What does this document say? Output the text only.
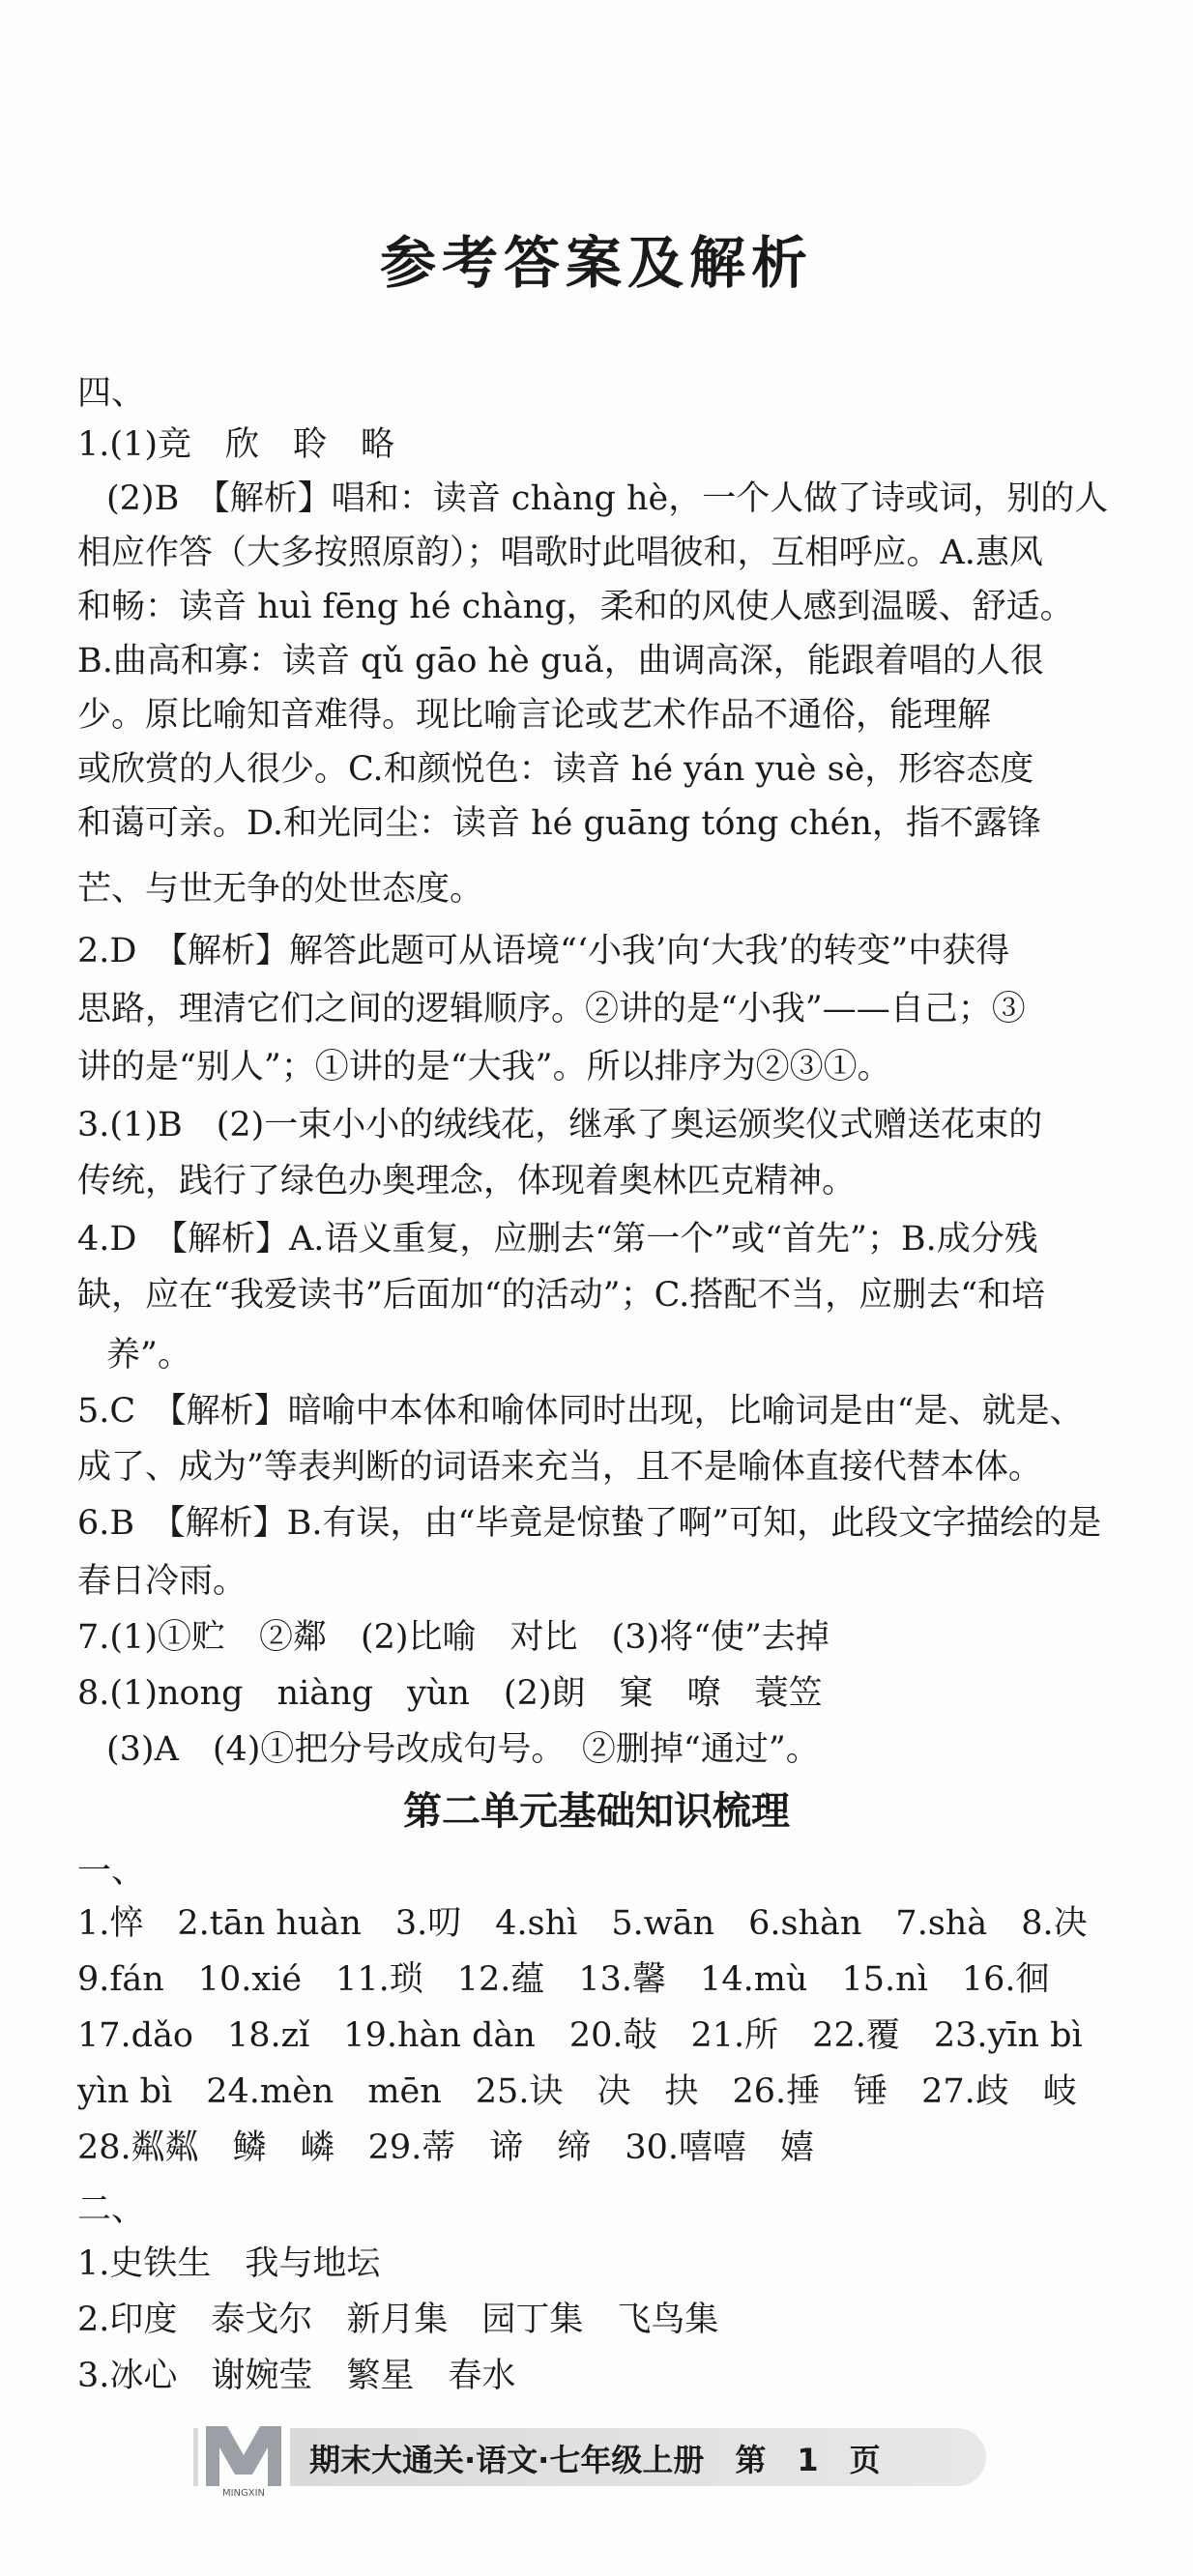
参考答案及解析
四、
1.(1)竞　欣　聆　略
(2)B　【解析】唱和：读音 chàng hè，一个人做了诗或词，别的人
相应作答（大多按照原韵）；唱歌时此唱彼和，互相呼应。A.惠风
和畅：读音 huì fēng hé chàng，柔和的风使人感到温暖、舒适。
B.曲高和寡：读音 qǔ gāo hè guǎ，曲调高深，能跟着唱的人很
少。原比喻知音难得。现比喻言论或艺术作品不通俗，能理解
或欣赏的人很少。C.和颜悦色：读音 hé yán yuè sè，形容态度
和蔼可亲。D.和光同尘：读音 hé guāng tóng chén，指不露锋
芒、与世无争的处世态度。
2.D　【解析】解答此题可从语境“‘小我’向‘大我’的转变”中获得
思路，理清它们之间的逻辑顺序。②讲的是“小我”——自己；③
讲的是“别人”；①讲的是“大我”。所以排序为②③①。
3.(1)B　(2)一束小小的绒线花，继承了奥运颁奖仪式赠送花束的
传统，践行了绿色办奥理念，体现着奥林匹克精神。
4.D　【解析】A.语义重复，应删去“第一个”或“首先”；B.成分残
缺，应在“我爱读书”后面加“的活动”；C.搭配不当，应删去“和培
养”。
5.C　【解析】暗喻中本体和喻体同时出现，比喻词是由“是、就是、
成了、成为”等表判断的词语来充当，且不是喻体直接代替本体。
6.B　【解析】B.有误，由“毕竟是惊蛰了啊”可知，此段文字描绘的是
春日冷雨。
7.(1)①贮　②鄰　(2)比喻　对比　(3)将“使”去掉
8.(1)nong　niàng　yùn　(2)朗　窠　嘹　蓑笠
(3)A　(4)①把分号改成句号。　②删掉“通过”。
第二单元基础知识梳理
一、
1.悴　2.tān huàn　3.叨　4.shì　5.wān　6.shàn　7.shà　8.决
9.fán　10.xié　11.琐　12.蕴　13.馨　14.mù　15.nì　16.徊
17.dǎo　18.zǐ　19.hàn dàn　20.敧　21.所　22.覆　23.yīn bì
yìn bì　24.mèn　mēn　25.诀　决　抉　26.捶　锤　27.歧　岐
28.粼粼　鳞　嶙　29.蒂　谛　缔　30.嘻嘻　嬉
二、
1.史铁生　我与地坛
2.印度　泰戈尔　新月集　园丁集　飞鸟集
3.冰心　谢婉莹　繁星　春水
期末大通关·语文·七年级上册　第　1　页
MINGXIN
